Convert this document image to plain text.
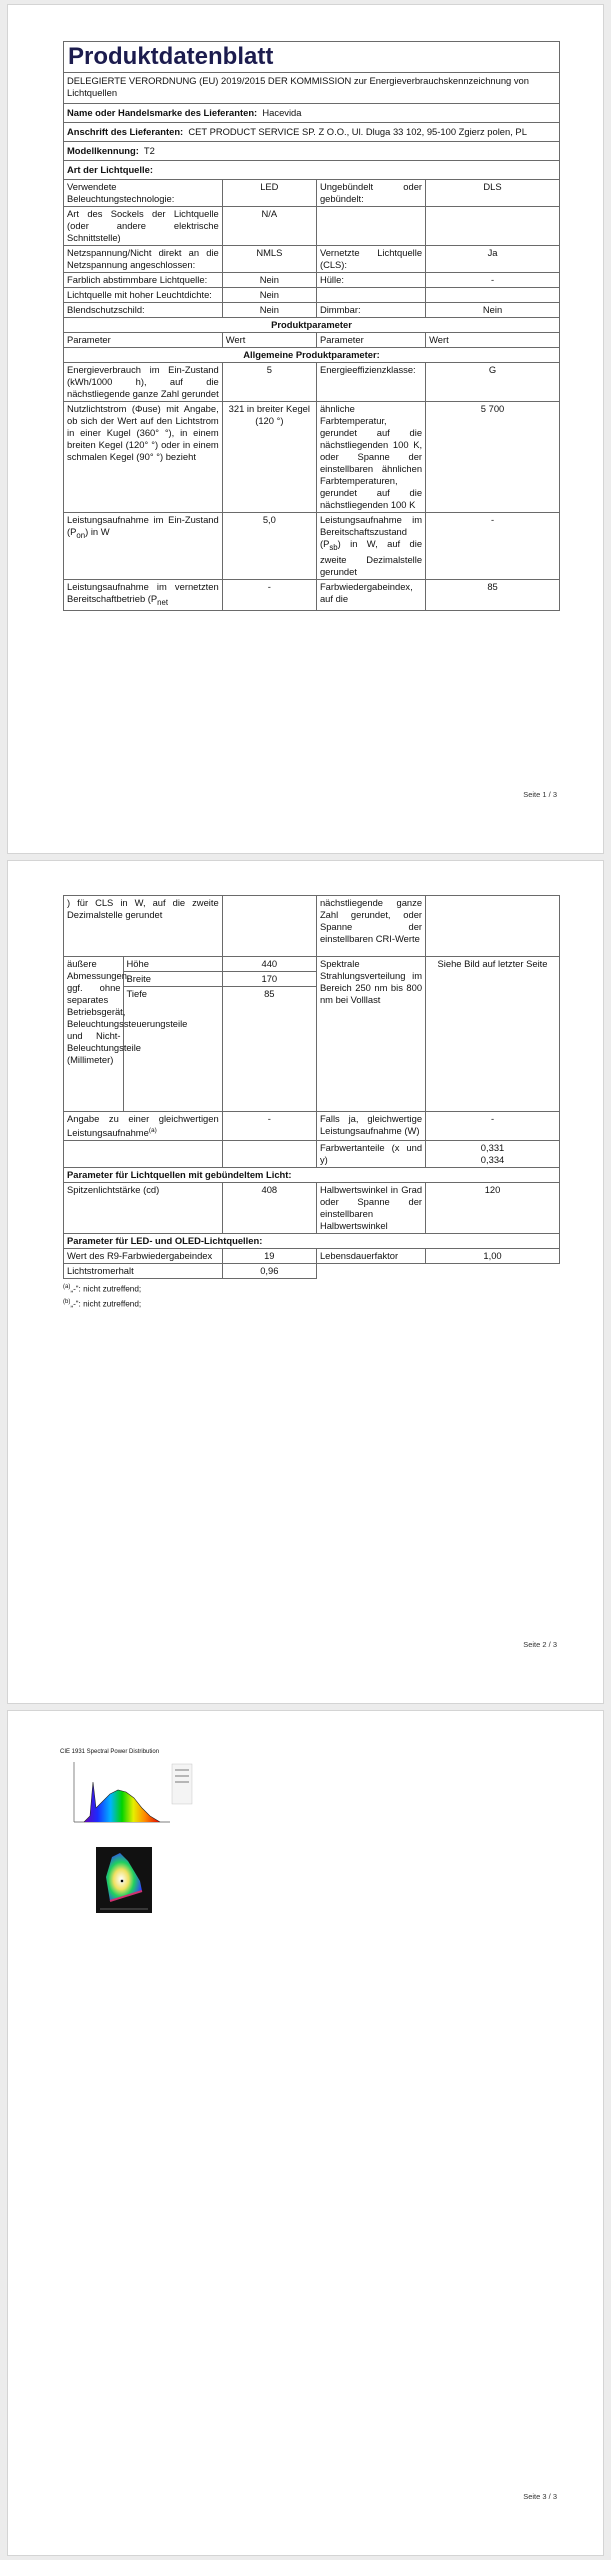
Produktdatenblatt			
DELEGIERTE VERORDNUNG (EU) 2019/2015 DER KOMMISSION zur Energieverbrauchskennzeichnung von Lichtquellen			
Name oder Handelsmarke des Lieferanten: Hacevida			
Anschrift des Lieferanten: CET PRODUCT SERVICE SP. Z O.O., Ul. Dluga 33 102, 95-100 Zgierz polen, PL			
Modellkennung: T2			
Art der Lichtquelle:			
Verwendete Beleuchtungstechnologie:	LED	Ungebündelt oder gebündelt:	DLS
Art des Sockels der Lichtquelle (oder andere elektrische Schnittstelle)	N/A		
Netzspannung/Nicht direkt an die Netzspannung angeschlossen:	NMLS	Vernetzte Lichtquelle (CLS):	Ja
Farblich abstimmbare Lichtquelle:	Nein	Hülle:	-
Lichtquelle mit hoher Leuchtdichte:	Nein		
Blendschutzschild:	Nein	Dimmbar:	Nein
Produktparameter			
Parameter	Wert	Parameter	Wert
Allgemeine Produktparameter:			
Energieverbrauch im Ein-Zustand (kWh/1000 h), auf die nächstliegende ganze Zahl gerundet	5	Energieeffizienzklasse:	G
Nutzlichtstrom (Φuse) mit Angabe, ob sich der Wert auf den Lichtstrom in einer Kugel (360° °), in einem breiten Kegel (120° °) oder in einem schmalen Kegel (90° °) bezieht	321 in breiter Kegel (120 °)	ähnliche Farbtemperatur, gerundet auf die nächstliegenden 100 K, oder Spanne der einstellbaren ähnlichen Farbtemperaturen, gerundet auf die nächstliegenden 100 K	5 700
Leistungsaufnahme im Ein-Zustand $(P_{on})$ in W	5,0	Leistungsaufnahme im Bereitschaftszustand $(P_{sb})$ in W, auf die zweite Dezimalstelle gerundet	-
Leistungsaufnahme im vernetzten Bereitschaftbetrieb ($P_{net}$	-	Farbwiedergabeindex, auf die	85
Seite 1 / 3
) für CLS in W, auf die zweite Dezimalstelle gerundet			nächstliegende ganze Zahl gerundet, oder Spanne der einstellbaren CRI-Werte	
äußere Abmessungen, ggf. ohne separates Betriebsgerät, Beleuchtungssteuerungsteile und Nicht-Beleuchtungsteile (Millimeter)	Höhe	440	Spektrale Strahlungsverteilung im Bereich 250 nm bis 800 nm bei Volllast	Siehe Bild auf letzter Seite
	Breite	170		
	Tiefe	85		

Angabe zu einer gleichwertigen Leistungsaufnahme$^{(a)}$		-	Falls ja, gleichwertige Leistungsaufnahme (W)	-
			Farbwertanteile (x und y)	0,331
0,334

Parameter für Lichtquellen mit gebündeltem Licht:				
Spitzenlichtstärke (cd)		408	Halbwertswinkel in Grad oder Spanne der einstellbaren Halbwertswinkel	120
Parameter für LED- und OLED-Lichtquellen:				
Wert des R9-Farbwiedergabeindex		19	Lebensdauerfaktor	1,00
Lichtstromerhalt		0,96		
$^{(a)}$„-“: nicht zutreffend;
$^{(b)}$„-“: nicht zutreffend;
Seite 2 / 3
CIE 1931 Spectral Power Distribution
Seite 3 / 3
